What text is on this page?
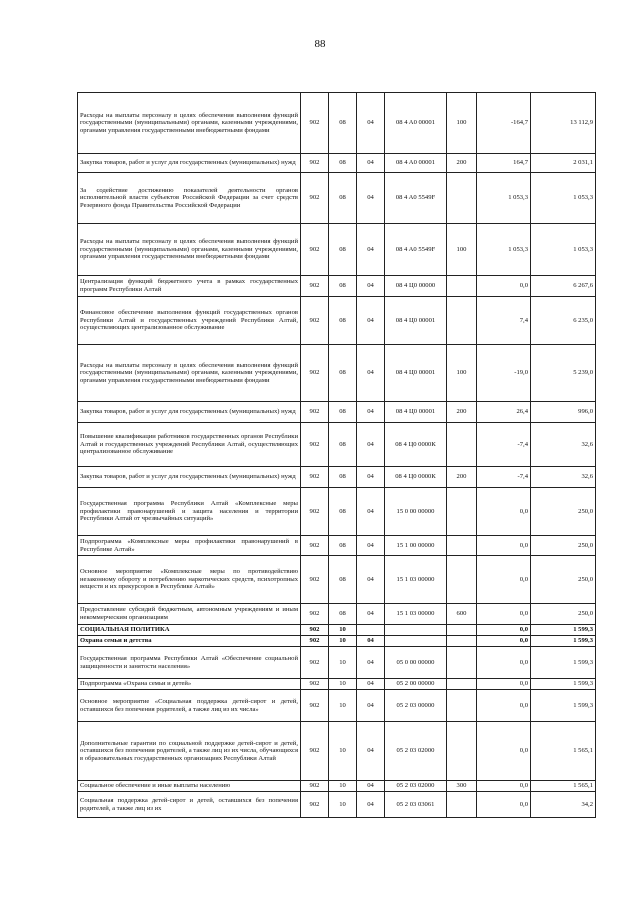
88
Расходы на выплаты персоналу в целях обеспечения выполнения функций государственными (муниципальными) органами, казенными учреждениями, органами управления государственными внебюджетными фондами	902	08	04	08 4 A0 00001	100	-164,7	13 112,9
Закупка товаров, работ и услуг для государственных (муниципальных) нужд	902	08	04	08 4 A0 00001	200	164,7	2 031,1
За содействие достижению показателей деятельности органов исполнительной власти субъектов Российской Федерации за счет средств Резервного фонда Правительства Российской Федерации	902	08	04	08 4 A0 5549F		1 053,3	1 053,3
Расходы на выплаты персоналу в целях обеспечения выполнения функций государственными (муниципальными) органами, казенными учреждениями, органами управления государственными внебюджетными фондами	902	08	04	08 4 A0 5549F	100	1 053,3	1 053,3
Централизация функций бюджетного учета в рамках государственных программ Республики Алтай	902	08	04	08 4 Ц0 00000		0,0	6 267,6
Финансовое обеспечение выполнения функций государственных органов Республики Алтай и государственных учреждений Республики Алтай, осуществляющих централизованное обслуживание	902	08	04	08 4 Ц0 00001		7,4	6 235,0
Расходы на выплаты персоналу в целях обеспечения выполнения функций государственными (муниципальными) органами, казенными учреждениями, органами управления государственными внебюджетными фондами	902	08	04	08 4 Ц0 00001	100	-19,0	5 239,0
Закупка товаров, работ и услуг для государственных (муниципальных) нужд	902	08	04	08 4 Ц0 00001	200	26,4	996,0
Повышение квалификации работников государственных органов Республики Алтай и государственных учреждений Республики Алтай, осуществляющих централизованное обслуживание	902	08	04	08 4 Ц0 0000К		-7,4	32,6
Закупка товаров, работ и услуг для государственных (муниципальных) нужд	902	08	04	08 4 Ц0 0000К	200	-7,4	32,6
Государственная программа Республики Алтай «Комплексные меры профилактики правонарушений и защита населения и территории Республики Алтай от чрезвычайных ситуаций»	902	08	04	15 0 00 00000		0,0	250,0
Подпрограмма «Комплексные меры профилактики правонарушений в Республике Алтай»	902	08	04	15 1 00 00000		0,0	250,0
Основное мероприятие «Комплексные меры по противодействию незаконному обороту и потреблению наркотических средств, психотропных веществ и их прекурсоров в Республике Алтай»	902	08	04	15 1 03 00000		0,0	250,0
Предоставление субсидий бюджетным, автономным учреждениям и иным некоммерческим организациям	902	08	04	15 1 03 00000	600	0,0	250,0
СОЦИАЛЬНАЯ ПОЛИТИКА	902	10				0,0	1 599,3
Охрана семьи и детства	902	10	04			0,0	1 599,3
Государственная программа Республики Алтай «Обеспечение социальной защищенности и занятости населения»	902	10	04	05 0 00 00000		0,0	1 599,3
Подпрограмма «Охрана семьи и детей»	902	10	04	05 2 00 00000		0,0	1 599,3
Основное мероприятие «Социальная поддержка детей-сирот и детей, оставшихся без попечения родителей, а также лиц из их числа»	902	10	04	05 2 03 00000		0,0	1 599,3
Дополнительные гарантии по социальной поддержке детей-сирот и детей, оставшихся без попечения родителей, а также лиц из их числа, обучающихся в образовательных государственных организациях Республики Алтай	902	10	04	05 2 03 02000		0,0	1 565,1
Социальное обеспечение и иные выплаты населению	902	10	04	05 2 03 02000	300	0,0	1 565,1
Социальная поддержка детей-сирот и детей, оставшихся без попечения родителей, а также лиц из их	902	10	04	05 2 03 03061		0,0	34,2
